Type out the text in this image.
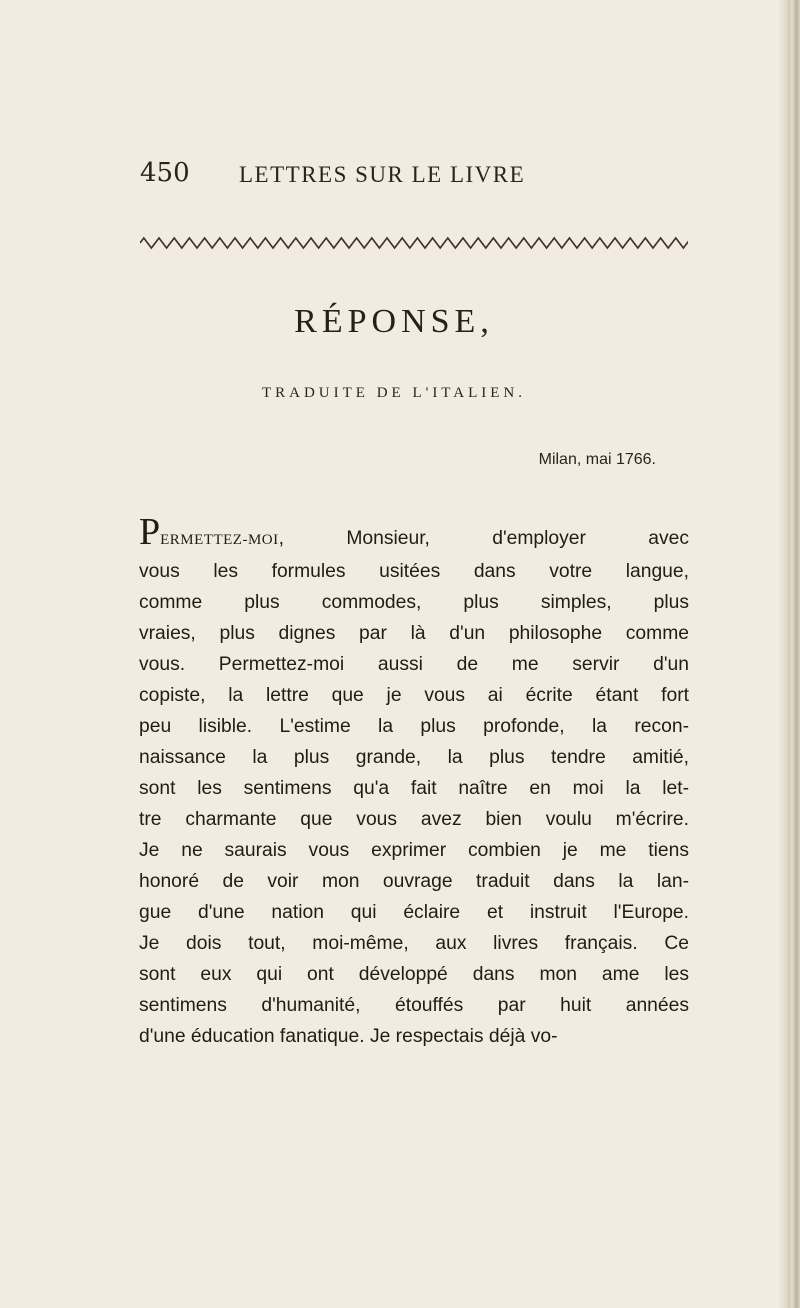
450 LETTRES SUR LE LIVRE
RÉPONSE,
TRADUITE DE L'ITALIEN.
Milan, mai 1766.
PERMETTEZ-MOI, Monsieur, d'employer avec
vous les formules usitées dans votre langue,
comme plus commodes, plus simples, plus
vraies, plus dignes par là d'un philosophe comme
vous. Permettez-moi aussi de me servir d'un
copiste, la lettre que je vous ai écrite étant fort
peu lisible. L'estime la plus profonde, la recon-
naissance la plus grande, la plus tendre amitié,
sont les sentimens qu'a fait naître en moi la let-
tre charmante que vous avez bien voulu m'écrire.
Je ne saurais vous exprimer combien je me tiens
honoré de voir mon ouvrage traduit dans la lan-
gue d'une nation qui éclaire et instruit l'Europe.
Je dois tout, moi-même, aux livres français. Ce
sont eux qui ont développé dans mon ame les
sentimens d'humanité, étouffés par huit années
d'une éducation fanatique. Je respectais déjà vo-
